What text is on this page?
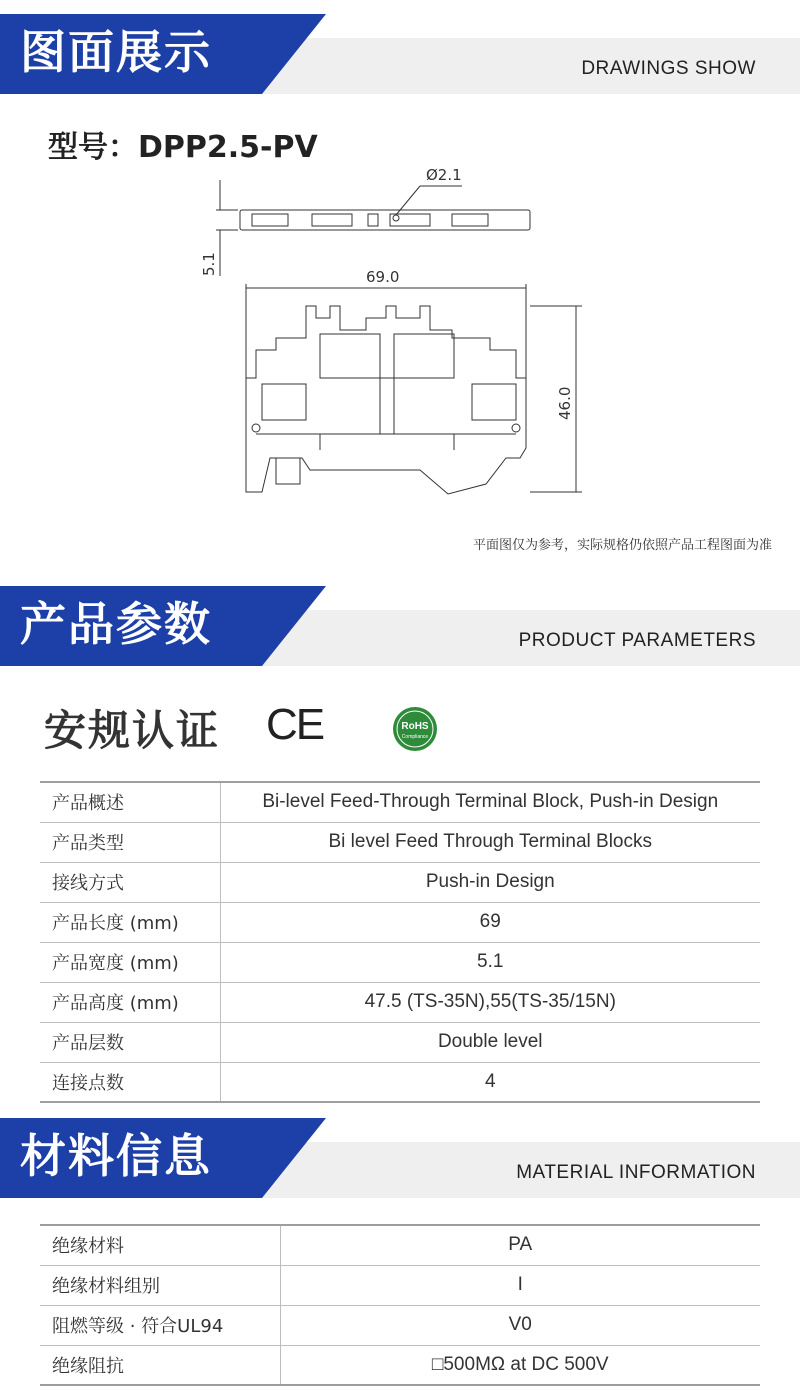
图面展示	DRAWINGS SHOW
型号：DPP2.5-PV
Ø2.1
5.1
69.0
46.0
平面图仅为参考，实际规格仍依照产品工程图面为准
产品参数	PRODUCT PARAMETERS
安规认证 CE	RoHS
Compliance
产品概述	Bi-level Feed-Through Terminal Block, Push-in Design
产品类型	Bi level Feed Through Terminal Blocks
接线方式	Push-in Design
产品长度 (mm)	69
产品宽度 (mm)	5.1
产品高度 (mm)	47.5 (TS-35N),55(TS-35/15N)
产品层数	Double level
连接点数	4
材料信息	MATERIAL INFORMATION
绝缘材料	PA
绝缘材料组别	I
阻燃等级 · 符合UL94	V0
绝缘阻抗	□500MΩ at DC 500V
